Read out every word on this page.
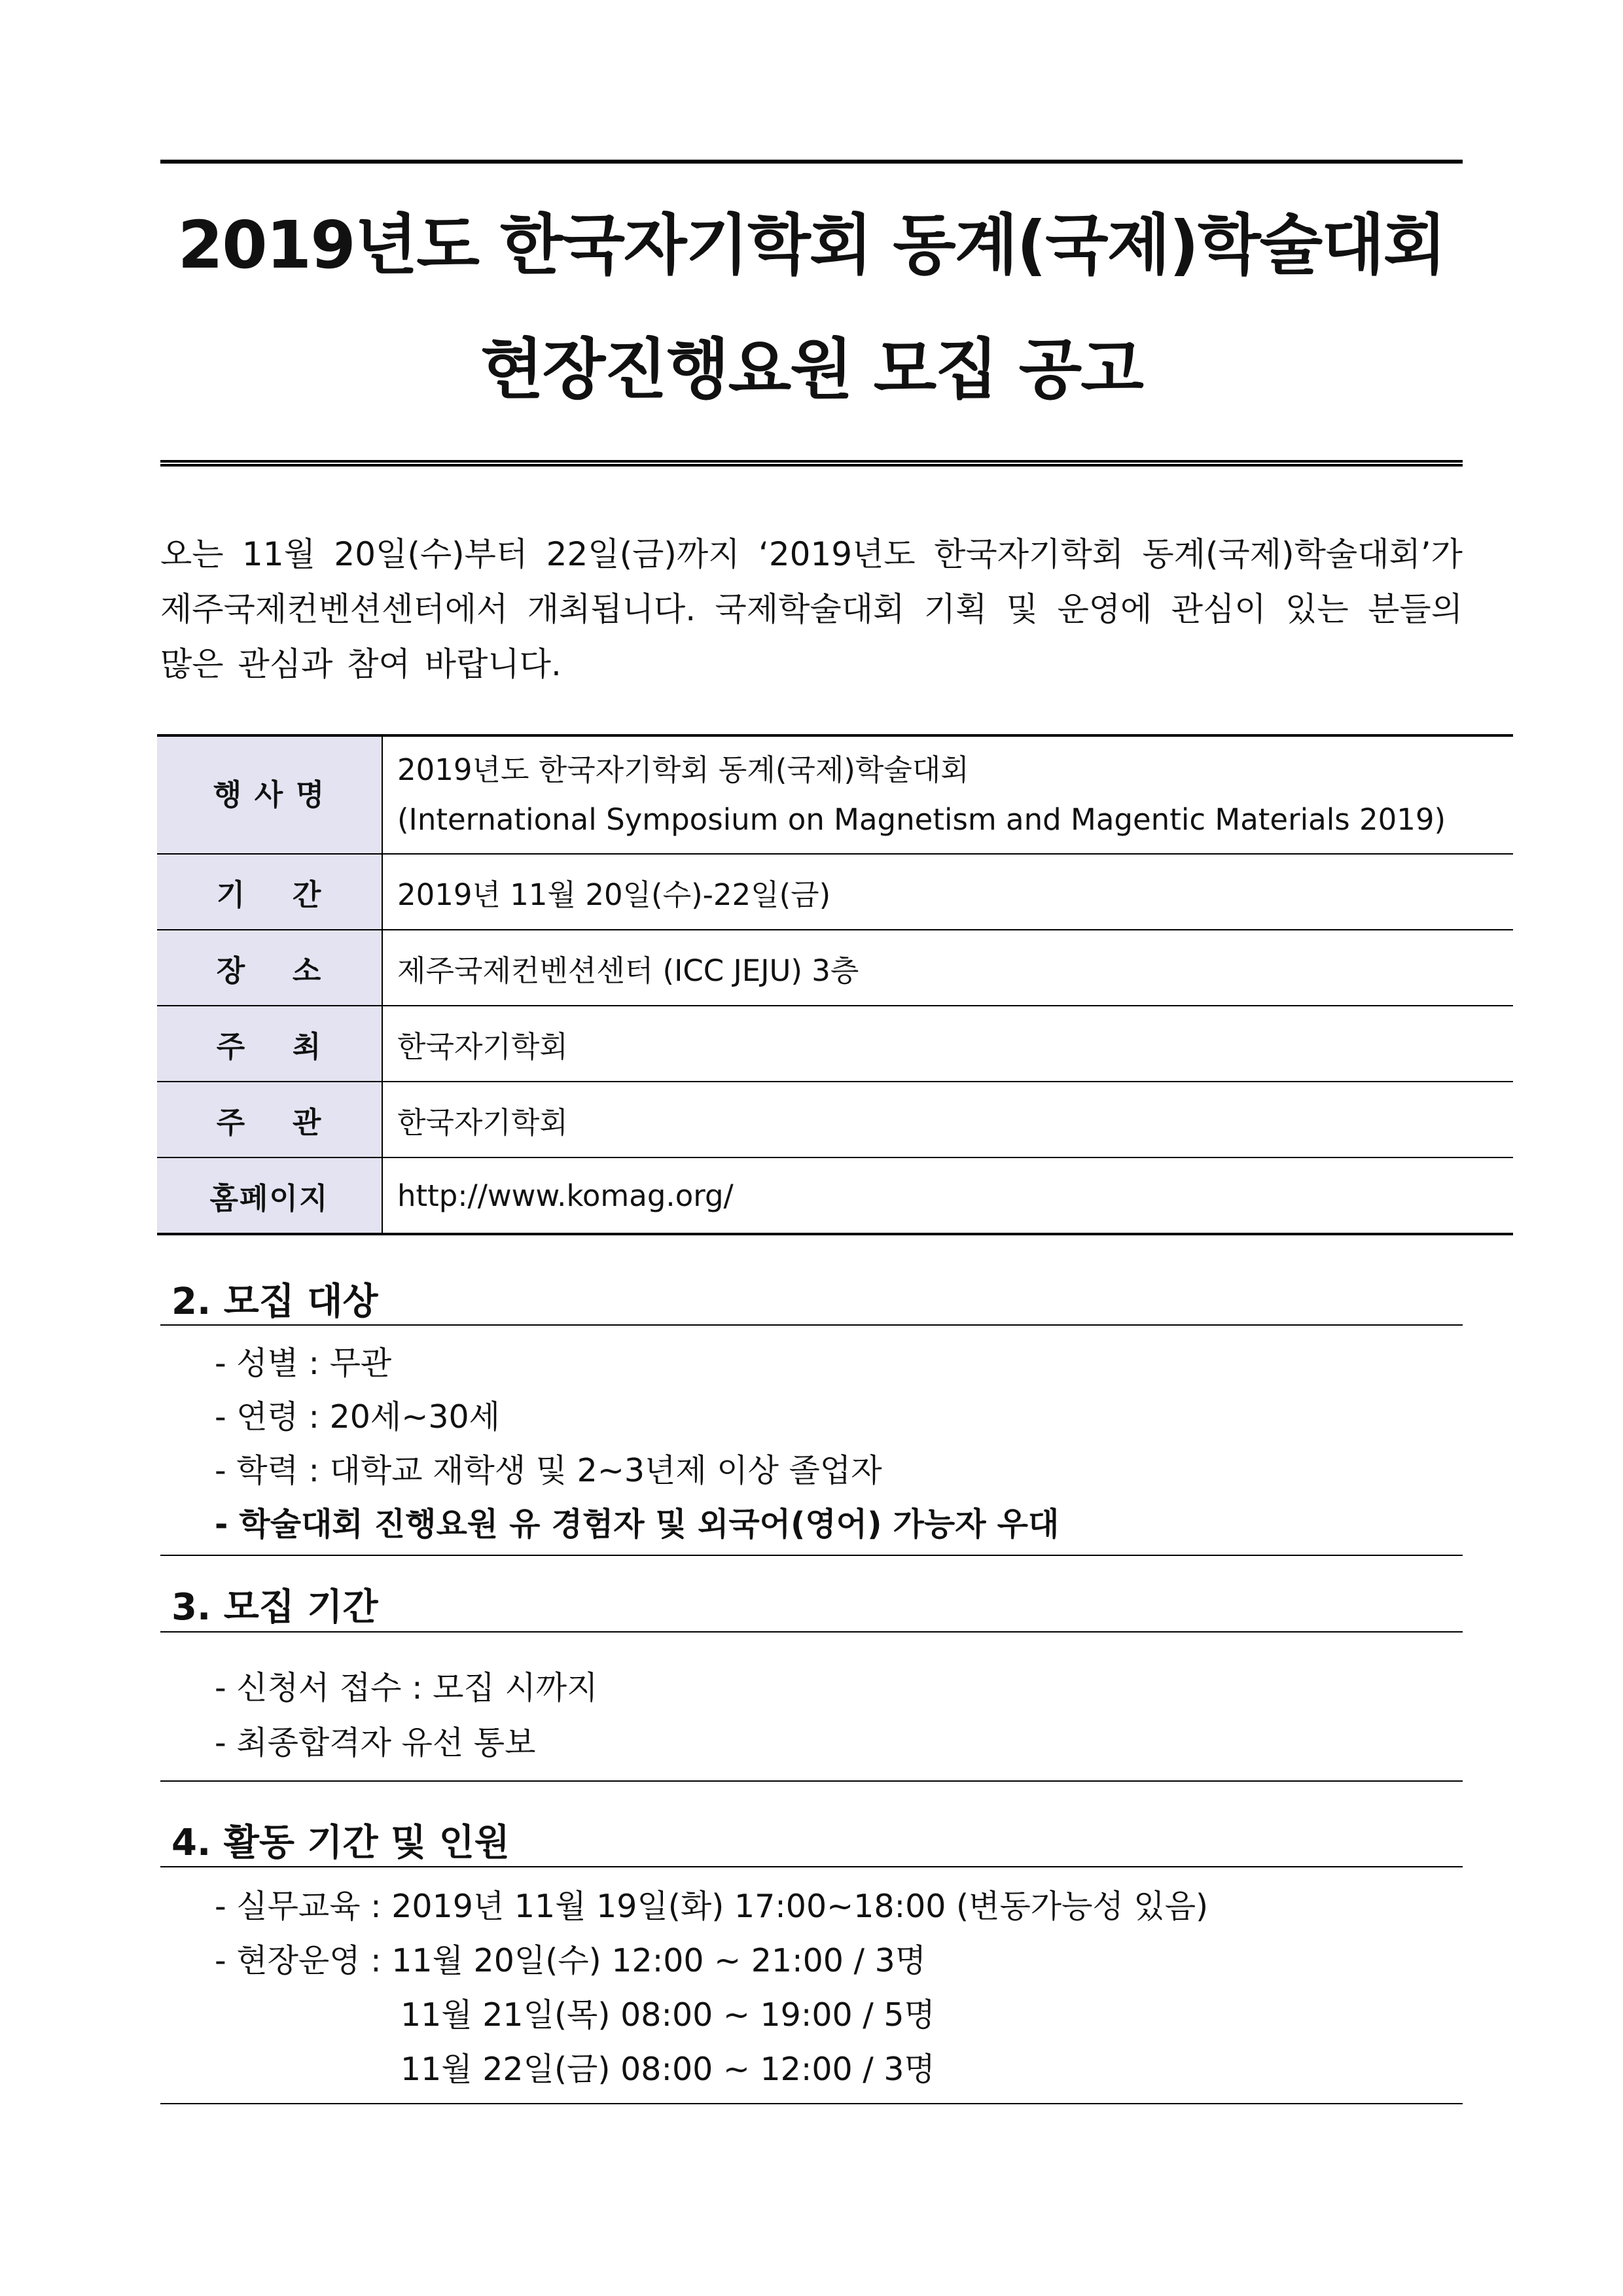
2019년도 한국자기학회 동계(국제)학술대회
현장진행요원 모집 공고
오는 11월 20일(수)부터 22일(금)까지 ‘2019년도 한국자기학회 동계(국제)학술대회’가 제주국제컨벤션센터에서 개최됩니다. 국제학술대회 기획 및 운영에 관심이 있는 분들의 많은 관심과 참여 바랍니다.
행 사 명	2019년도 한국자기학회 동계(국제)학술대회
(International Symposium on Magnetism and Magentic Materials 2019)

기    간	2019년 11월 20일(수)-22일(금)
장    소	제주국제컨벤션센터 (ICC JEJU) 3층
주    최	한국자기학회
주    관	한국자기학회
홈페이지	http://www.komag.org/
2. 모집 대상
- 성별 : 무관
- 연령 : 20세~30세
- 학력 : 대학교 재학생 및 2~3년제 이상 졸업자
- 학술대회 진행요원 유 경험자 및 외국어(영어) 가능자 우대
3. 모집 기간
- 신청서 접수 : 모집 시까지
- 최종합격자 유선 통보
4. 활동 기간 및 인원
- 실무교육 : 2019년 11월 19일(화) 17:00~18:00 (변동가능성 있음)
- 현장운영 : 11월 20일(수) 12:00 ~ 21:00 / 3명
11월 21일(목) 08:00 ~ 19:00 / 5명
11월 22일(금) 08:00 ~ 12:00 / 3명
